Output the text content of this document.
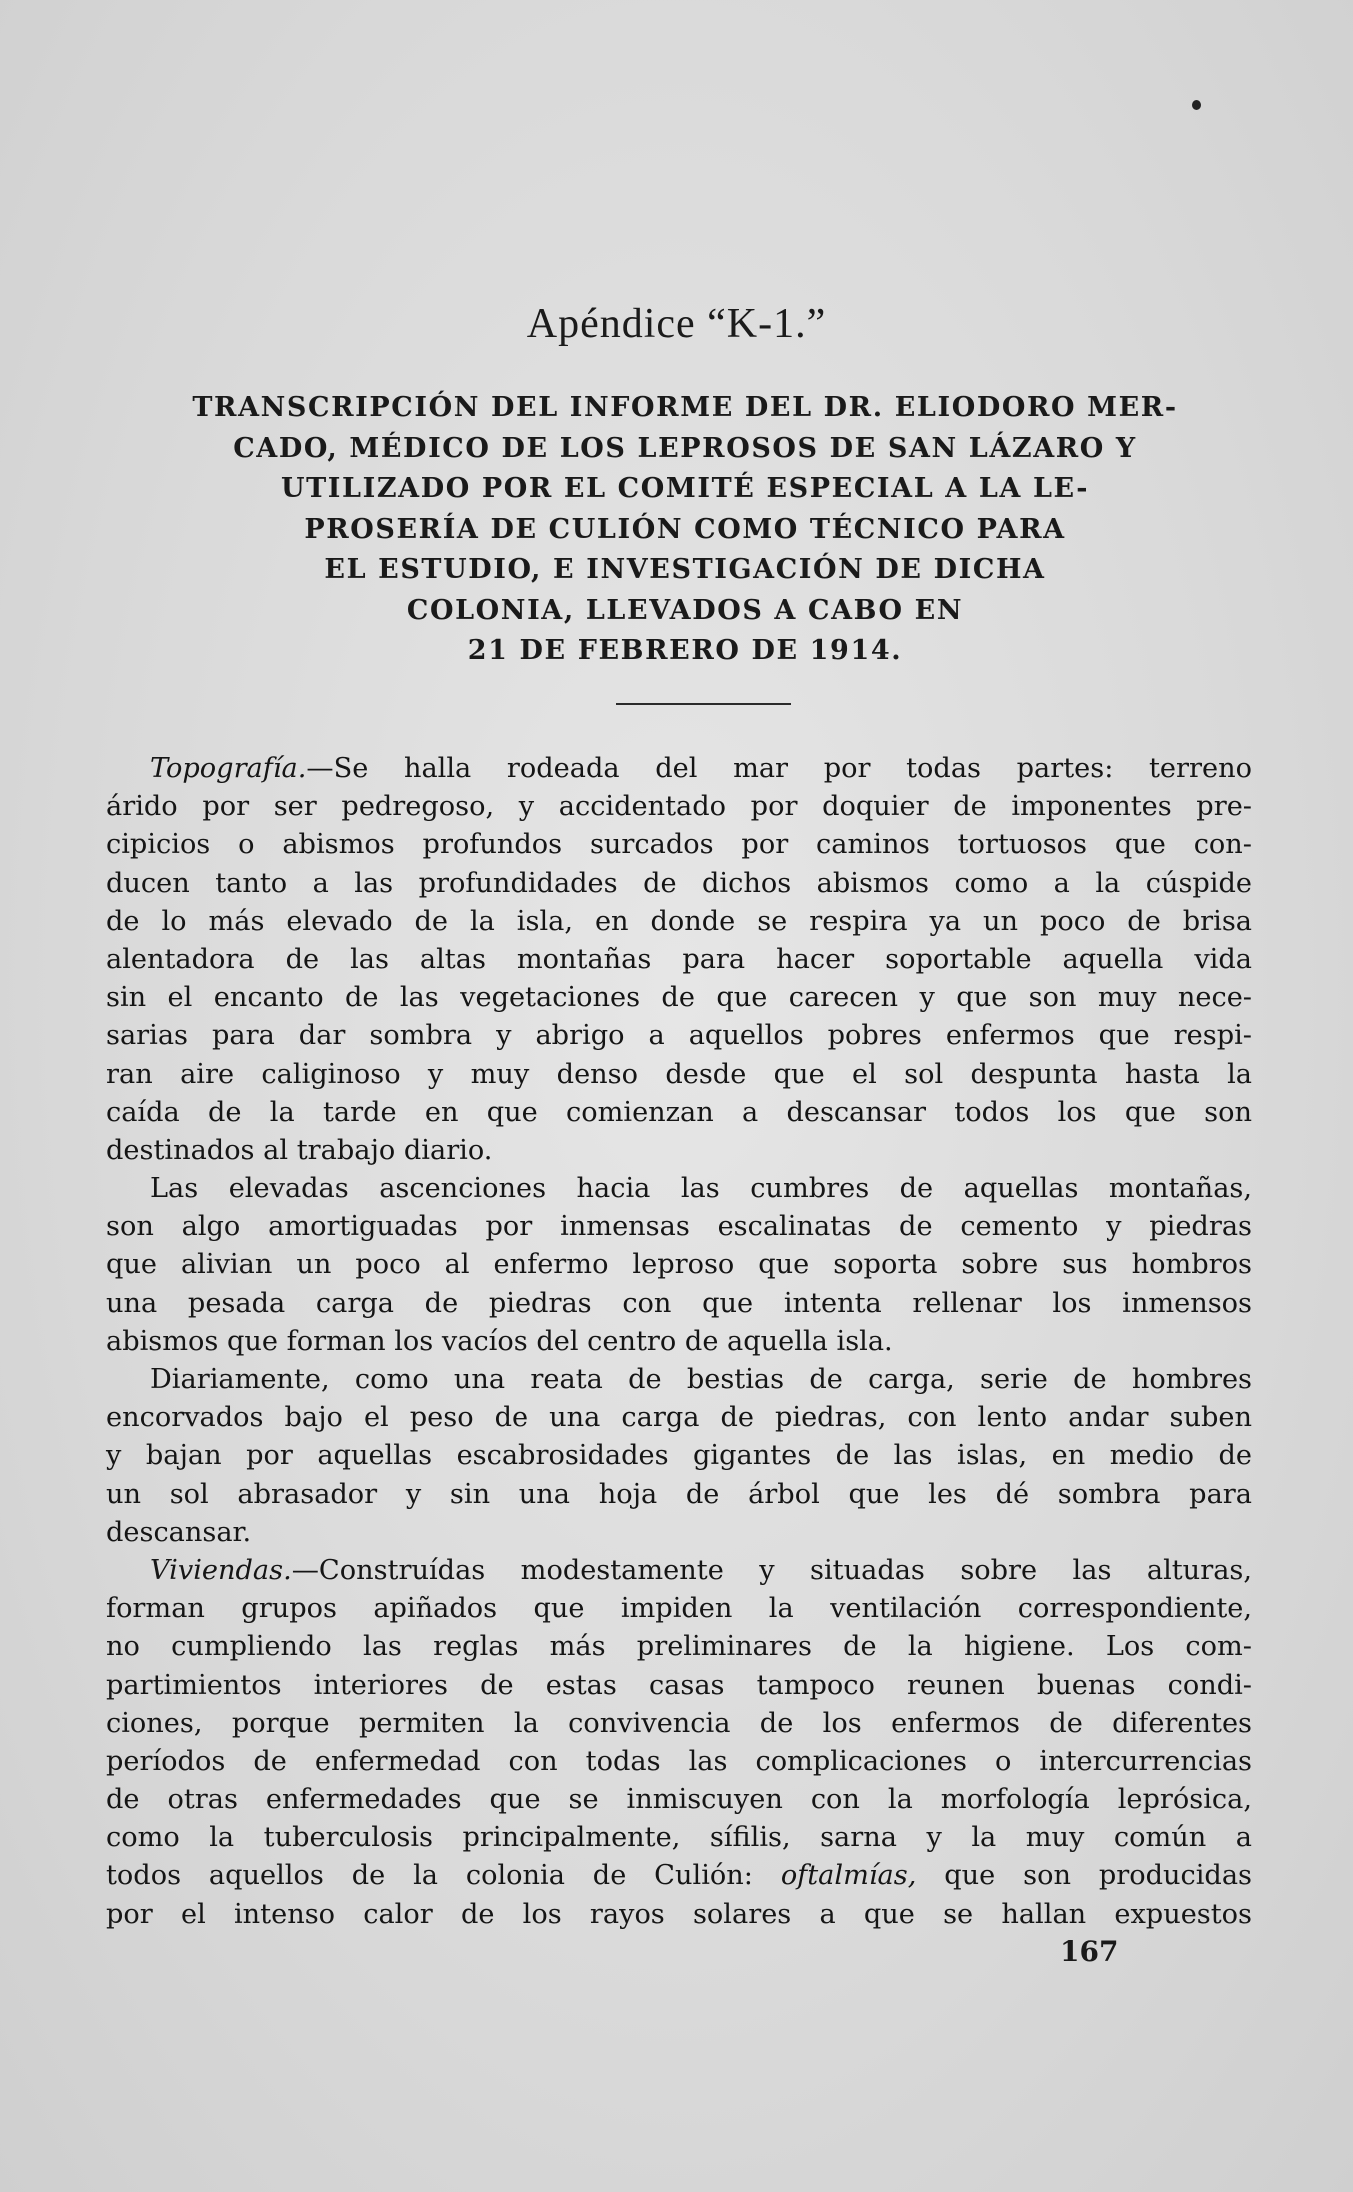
Apéndice “K-1.”
TRANSCRIPCIÓN DEL INFORME DEL DR. ELIODORO MER-
CADO, MÉDICO DE LOS LEPROSOS DE SAN LÁZARO Y
UTILIZADO POR EL COMITÉ ESPECIAL A LA LE-
PROSERÍA DE CULIÓN COMO TÉCNICO PARA
EL ESTUDIO, E INVESTIGACIÓN DE DICHA
COLONIA, LLEVADOS A CABO EN
21 DE FEBRERO DE 1914.
Topografía.—Se halla rodeada del mar por todas partes: terreno
árido por ser pedregoso, y accidentado por doquier de imponentes pre-
cipicios o abismos profundos surcados por caminos tortuosos que con-
ducen tanto a las profundidades de dichos abismos como a la cúspide
de lo más elevado de la isla, en donde se respira ya un poco de brisa
alentadora de las altas montañas para hacer soportable aquella vida
sin el encanto de las vegetaciones de que carecen y que son muy nece-
sarias para dar sombra y abrigo a aquellos pobres enfermos que respi-
ran aire caliginoso y muy denso desde que el sol despunta hasta la
caída de la tarde en que comienzan a descansar todos los que son
destinados al trabajo diario.
Las elevadas ascenciones hacia las cumbres de aquellas montañas,
son algo amortiguadas por inmensas escalinatas de cemento y piedras
que alivian un poco al enfermo leproso que soporta sobre sus hombros
una pesada carga de piedras con que intenta rellenar los inmensos
abismos que forman los vacíos del centro de aquella isla.
Diariamente, como una reata de bestias de carga, serie de hombres
encorvados bajo el peso de una carga de piedras, con lento andar suben
y bajan por aquellas escabrosidades gigantes de las islas, en medio de
un sol abrasador y sin una hoja de árbol que les dé sombra para
descansar.
Viviendas.—Construídas modestamente y situadas sobre las alturas,
forman grupos apiñados que impiden la ventilación correspondiente,
no cumpliendo las reglas más preliminares de la higiene. Los com-
partimientos interiores de estas casas tampoco reunen buenas condi-
ciones, porque permiten la convivencia de los enfermos de diferentes
períodos de enfermedad con todas las complicaciones o intercurrencias
de otras enfermedades que se inmiscuyen con la morfología leprósica,
como la tuberculosis principalmente, sífilis, sarna y la muy común a
todos aquellos de la colonia de Culión: oftalmías, que son producidas
por el intenso calor de los rayos solares a que se hallan expuestos
167
